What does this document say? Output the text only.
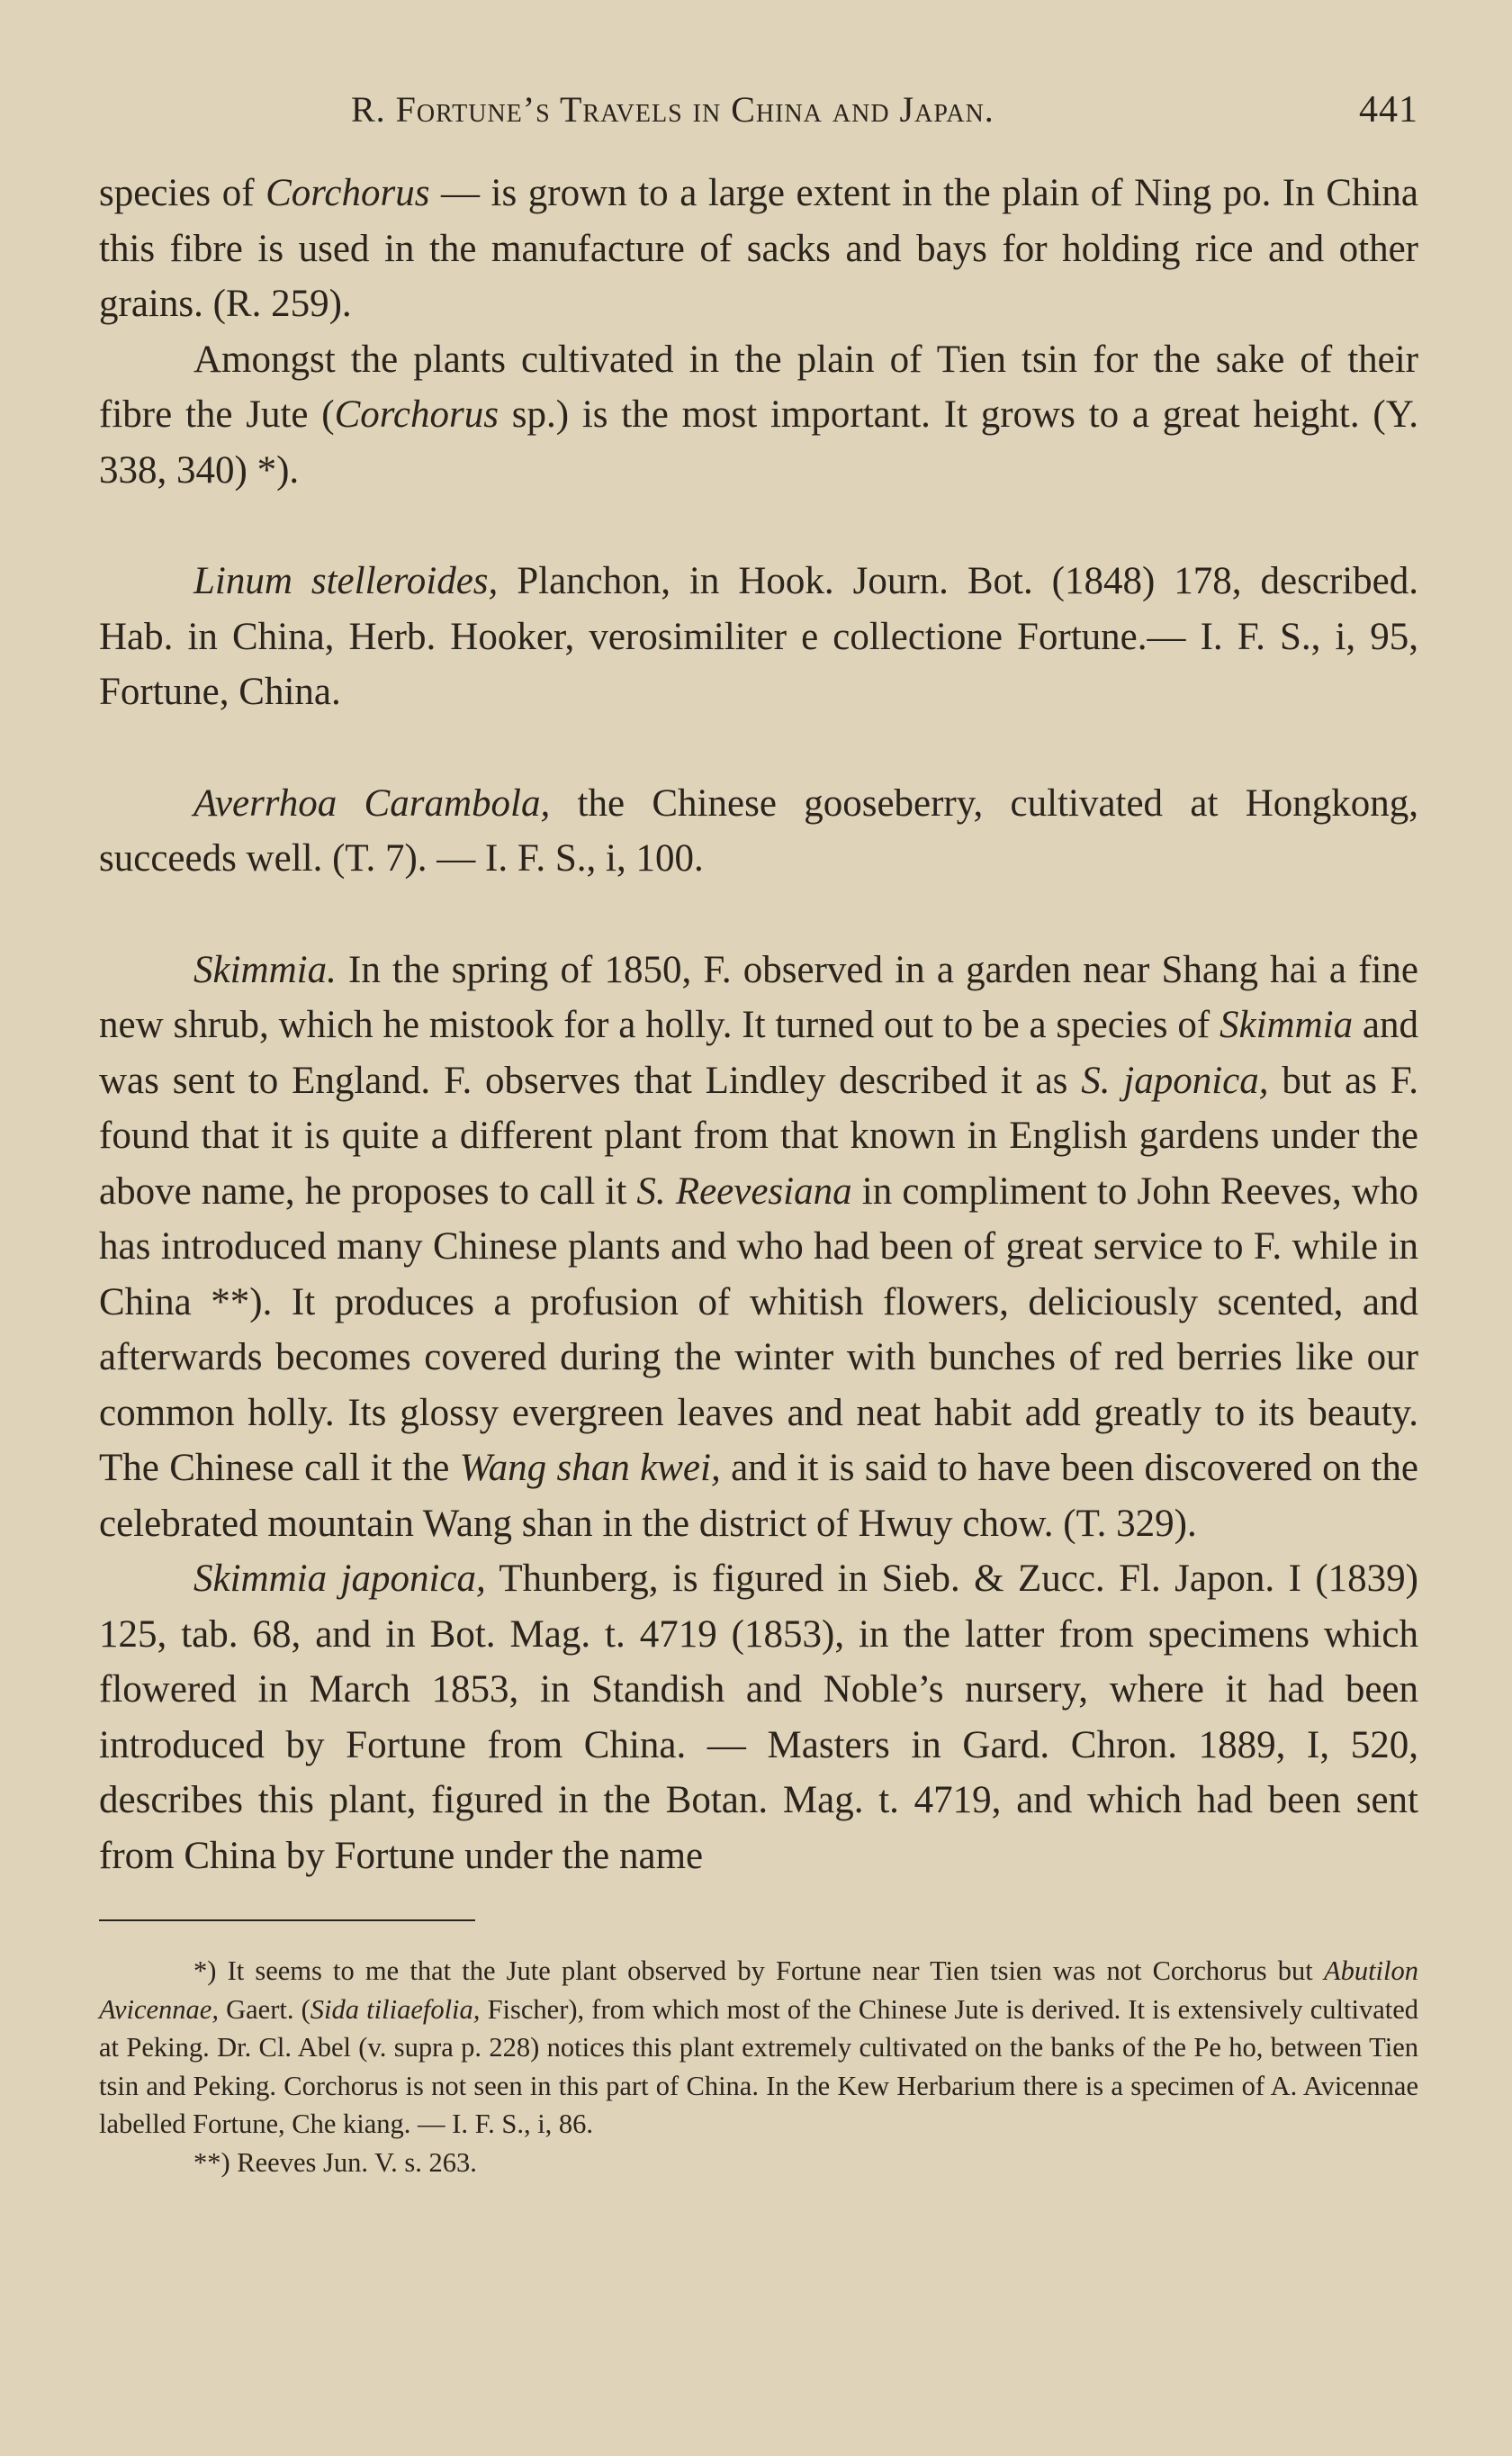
R. Fortune’s Travels in China and Japan.	441

species of Corchorus — is grown to a large extent in the plain of Ning po. In China this fibre is used in the manufacture of sacks and bays for holding rice and other grains. (R. 259).

Amongst the plants cultivated in the plain of Tien tsin for the sake of their fibre the Jute (Corchorus sp.) is the most important. It grows to a great height. (Y. 338, 340) *).

Linum stelleroides, Planchon, in Hook. Journ. Bot. (1848) 178, described. Hab. in China, Herb. Hooker, verosimiliter e collectione Fortune.— I. F. S., i, 95, Fortune, China.

Averrhoa Carambola, the Chinese gooseberry, cultivated at Hongkong, succeeds well. (T. 7). — I. F. S., i, 100.

Skimmia. In the spring of 1850, F. observed in a garden near Shang hai a fine new shrub, which he mistook for a holly. It turned out to be a species of Skimmia and was sent to England. F. observes that Lindley described it as S. japonica, but as F. found that it is quite a different plant from that known in English gardens under the above name, he proposes to call it S. Reevesiana in compliment to John Reeves, who has introduced many Chinese plants and who had been of great service to F. while in China **). It produces a profusion of whitish flowers, deliciously scented, and afterwards becomes covered during the winter with bunches of red berries like our common holly. Its glossy evergreen leaves and neat habit add greatly to its beauty. The Chinese call it the Wang shan kwei, and it is said to have been discovered on the celebrated mountain Wang shan in the district of Hwuy chow. (T. 329).

Skimmia japonica, Thunberg, is figured in Sieb. & Zucc. Fl. Japon. I (1839) 125, tab. 68, and in Bot. Mag. t. 4719 (1853), in the latter from specimens which flowered in March 1853, in Standish and Noble’s nursery, where it had been introduced by Fortune from China. — Masters in Gard. Chron. 1889, I, 520, describes this plant, figured in the Botan. Mag. t. 4719, and which had been sent from China by Fortune under the name

*) It seems to me that the Jute plant observed by Fortune near Tien tsien was not Corchorus but Abutilon Avicennae, Gaert. (Sida tiliaefolia, Fischer), from which most of the Chinese Jute is derived. It is extensively cultivated at Peking. Dr. Cl. Abel (v. supra p. 228) notices this plant extremely cultivated on the banks of the Pe ho, between Tien tsin and Peking. Corchorus is not seen in this part of China. In the Kew Herbarium there is a specimen of A. Avicennae labelled Fortune, Che kiang. — I. F. S., i, 86.

**) Reeves Jun. V. s. 263.
